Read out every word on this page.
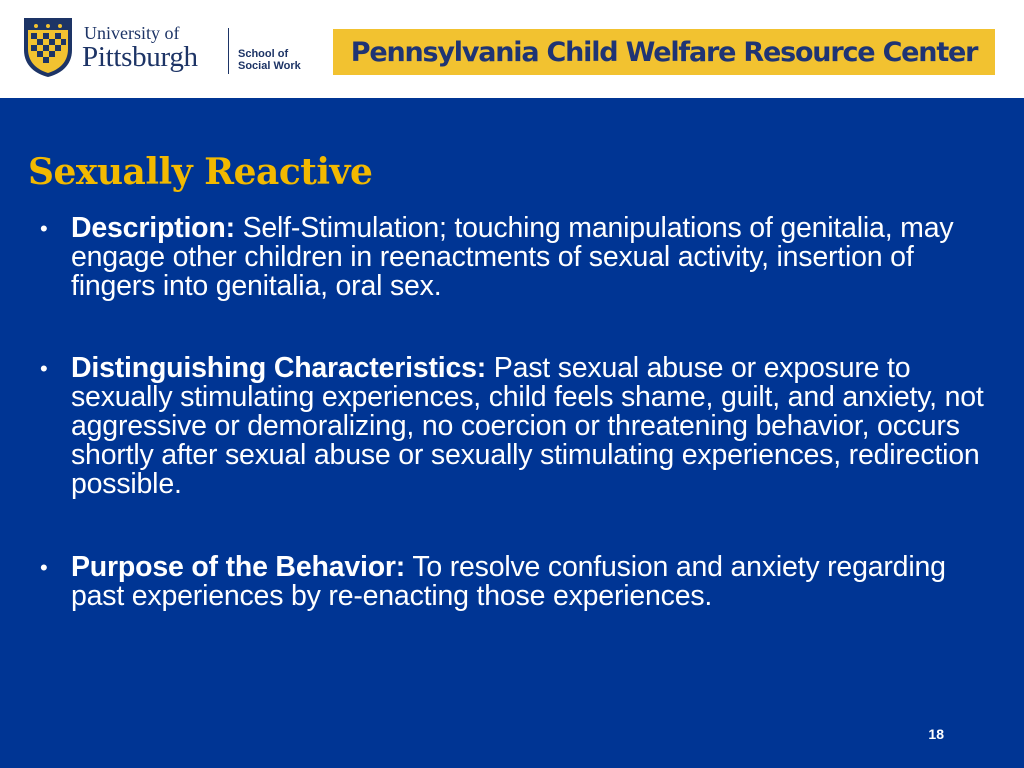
University of
Pittsburgh	School of
Social Work Pennsylvania Child Welfare Resource Center
Sexually Reactive
• Description: Self-Stimulation; touching manipulations of genitalia, may engage other children in reenactments of sexual activity, insertion of fingers into genitalia, oral sex.
• Distinguishing Characteristics: Past sexual abuse or exposure to sexually stimulating experiences, child feels shame, guilt, and anxiety, not aggressive or demoralizing, no coercion or threatening behavior, occurs shortly after sexual abuse or sexually stimulating experiences, redirection possible.
• Purpose of the Behavior: To resolve confusion and anxiety regarding past experiences by re-enacting those experiences.
18
